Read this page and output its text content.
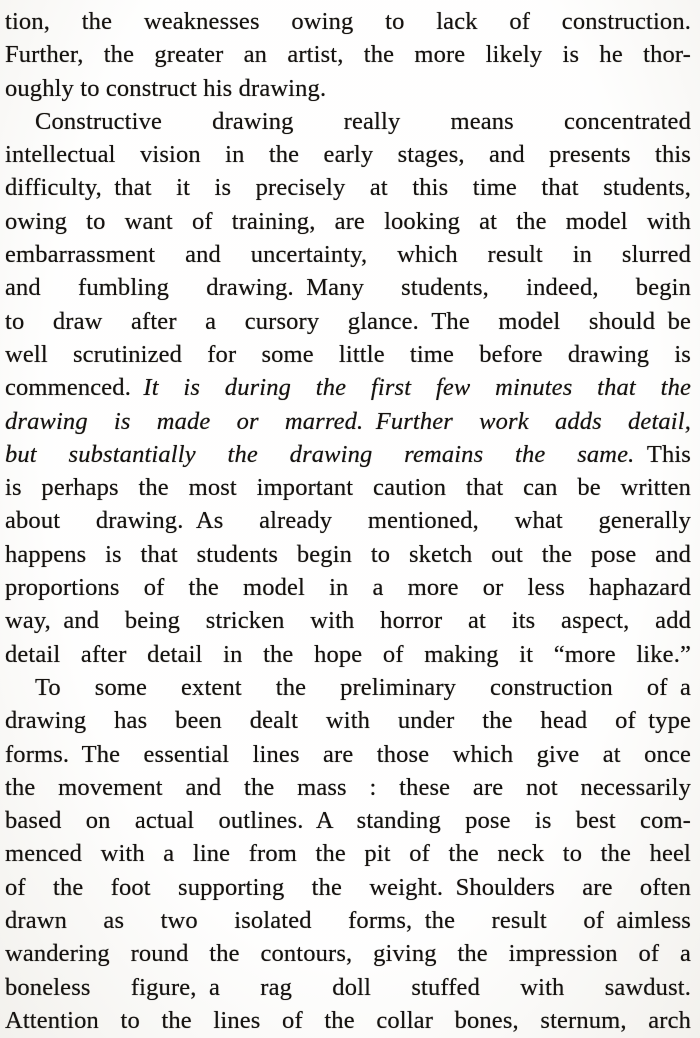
tion, the weaknesses owing to lack of construction.
Further, the greater an artist, the more likely is he thor-
oughly to construct his drawing.
Constructive drawing really means concentrated
intellectual vision in the early stages, and presents this
difficulty, that it is precisely at this time that students,
owing to want of training, are looking at the model with
embarrassment and uncertainty, which result in slurred
and fumbling drawing. Many students, indeed, begin
to draw after a cursory glance. The model should be
well scrutinized for some little time before drawing is
commenced. It is during the first few minutes that the
drawing is made or marred. Further work adds detail,
but substantially the drawing remains the same. This
is perhaps the most important caution that can be written
about drawing. As already mentioned, what generally
happens is that students begin to sketch out the pose and
proportions of the model in a more or less haphazard
way, and being stricken with horror at its aspect, add
detail after detail in the hope of making it “more like.”
To some extent the preliminary construction of a
drawing has been dealt with under the head of type
forms. The essential lines are those which give at once
the movement and the mass : these are not necessarily
based on actual outlines. A standing pose is best com-
menced with a line from the pit of the neck to the heel
of the foot supporting the weight. Shoulders are often
drawn as two isolated forms, the result of aimless
wandering round the contours, giving the impression of a
boneless figure, a rag doll stuffed with sawdust.
Attention to the lines of the collar bones, sternum, arch
